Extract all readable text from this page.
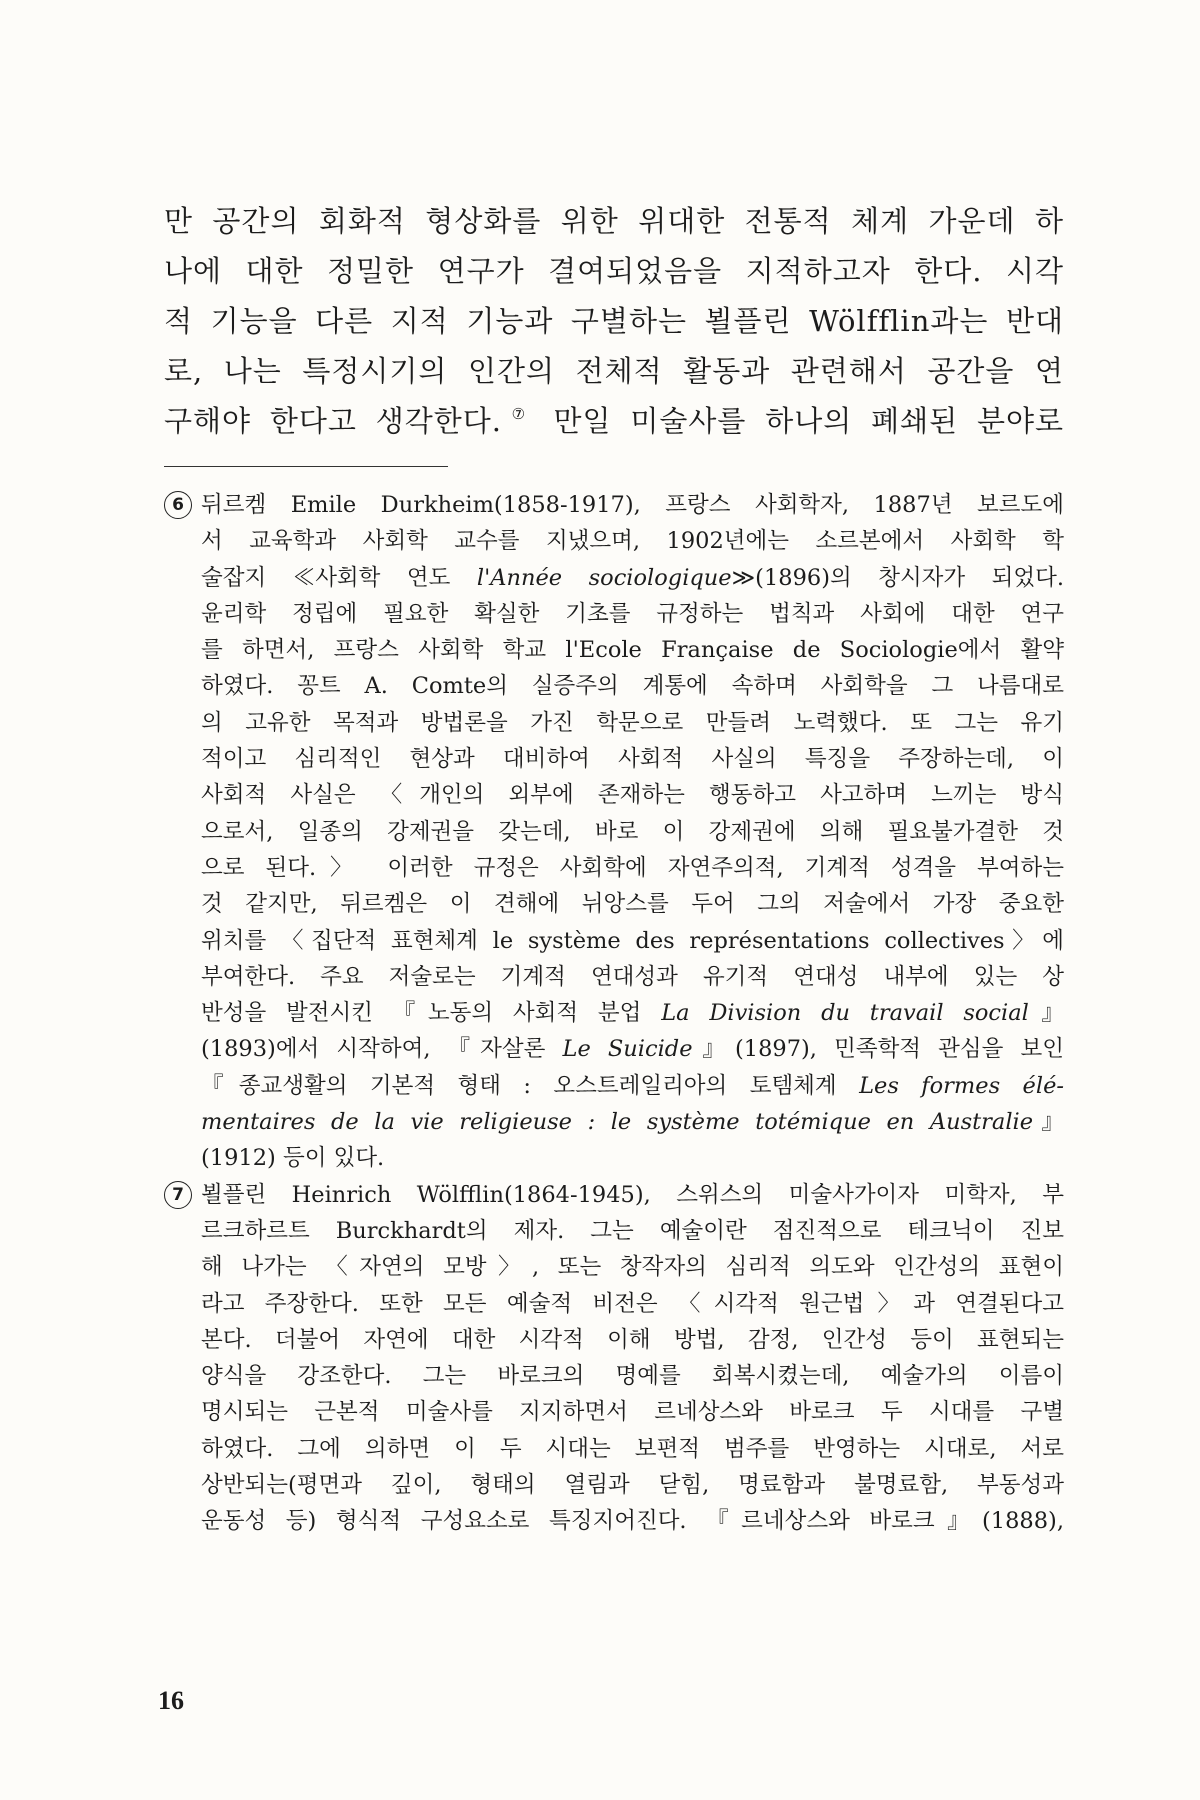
만 공간의 회화적 형상화를 위한 위대한 전통적 체계 가운데 하
나에 대한 정밀한 연구가 결여되었음을 지적하고자 한다. 시각
적 기능을 다른 지적 기능과 구별하는 뵐플린 Wölfflin과는 반대
로, 나는 특정시기의 인간의 전체적 활동과 관련해서 공간을 연
구해야 한다고 생각한다.⑦ 만일 미술사를 하나의 폐쇄된 분야로
6 뒤르켐 Emile Durkheim(1858-1917), 프랑스 사회학자, 1887년 보르도에
서 교육학과 사회학 교수를 지냈으며, 1902년에는 소르본에서 사회학 학
술잡지 ≪사회학 연도 l'Année sociologique≫(1896)의 창시자가 되었다.
윤리학 정립에 필요한 확실한 기초를 규정하는 법칙과 사회에 대한 연구
를 하면서, 프랑스 사회학 학교 l'Ecole Française de Sociologie에서 활약
하였다. 꽁트 A. Comte의 실증주의 계통에 속하며 사회학을 그 나름대로
의 고유한 목적과 방법론을 가진 학문으로 만들려 노력했다. 또 그는 유기
적이고 심리적인 현상과 대비하여 사회적 사실의 특징을 주장하는데, 이
사회적 사실은 〈개인의 외부에 존재하는 행동하고 사고하며 느끼는 방식
으로서, 일종의 강제권을 갖는데, 바로 이 강제권에 의해 필요불가결한 것
으로 된다.〉 이러한 규정은 사회학에 자연주의적, 기계적 성격을 부여하는
것 같지만, 뒤르켐은 이 견해에 뉘앙스를 두어 그의 저술에서 가장 중요한
위치를 〈집단적 표현체계 le système des représentations collectives〉에
부여한다. 주요 저술로는 기계적 연대성과 유기적 연대성 내부에 있는 상
반성을 발전시킨 『노동의 사회적 분업 La Division du travail social』
(1893)에서 시작하여, 『자살론 Le Suicide』(1897), 민족학적 관심을 보인
『종교생활의 기본적 형태 : 오스트레일리아의 토템체계 Les formes élé-
mentaires de la vie religieuse : le système totémique en Australie』
(1912) 등이 있다.
7 뵐플린 Heinrich Wölfflin(1864-1945), 스위스의 미술사가이자 미학자, 부
르크하르트 Burckhardt의 제자. 그는 예술이란 점진적으로 테크닉이 진보
해 나가는 〈자연의 모방〉, 또는 창작자의 심리적 의도와 인간성의 표현이
라고 주장한다. 또한 모든 예술적 비전은 〈시각적 원근법〉과 연결된다고
본다. 더불어 자연에 대한 시각적 이해 방법, 감정, 인간성 등이 표현되는
양식을 강조한다. 그는 바로크의 명예를 회복시켰는데, 예술가의 이름이
명시되는 근본적 미술사를 지지하면서 르네상스와 바로크 두 시대를 구별
하였다. 그에 의하면 이 두 시대는 보편적 범주를 반영하는 시대로, 서로
상반되는(평면과 깊이, 형태의 열림과 닫힘, 명료함과 불명료함, 부동성과
운동성 등) 형식적 구성요소로 특징지어진다. 『르네상스와 바로크』(1888),
16
